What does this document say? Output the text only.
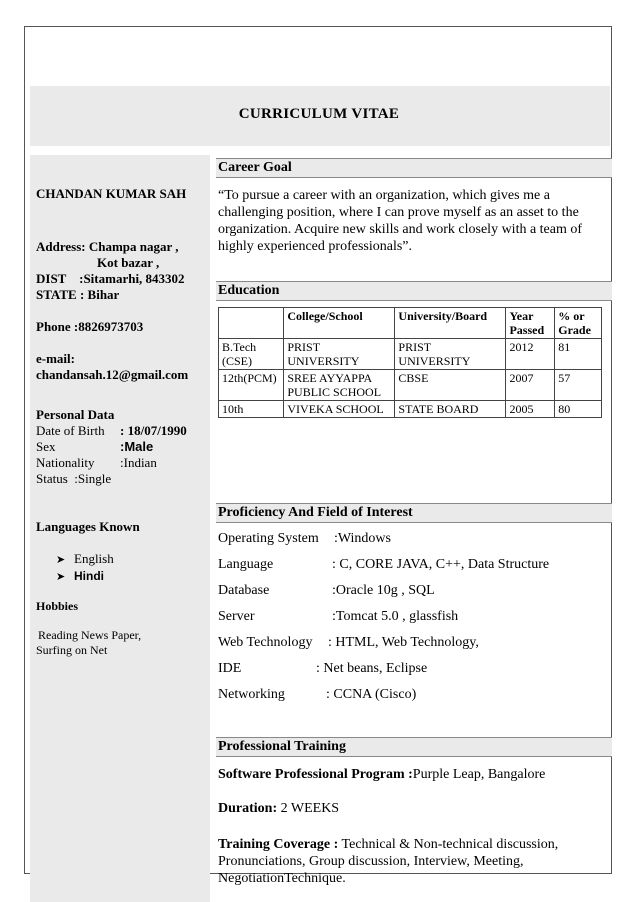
CURRICULUM VITAE
CHANDAN KUMAR SAH
Address: Champa nagar ,
Kot bazar ,
DIST    :Sitamarhi, 843302
STATE : Bihar
Phone :8826973703
e-mail:
chandansah.12@gmail.com
Personal Data
Date of Birth : 18/07/1990
Sex	:Male
Nationality :Indian
Status :Single
Languages Known
➤ English
➤ Hindi
Hobbies
Reading News Paper,
Surfing on Net
Career Goal
“To pursue a career with an organization, which gives me a challenging position, where I can prove myself as an asset to the organization. Acquire new skills and work closely with a team of highly experienced professionals”.
Education
	College/School	University/Board	Year Passed	% or Grade
B.Tech (CSE)	PRIST UNIVERSITY	PRIST UNIVERSITY	2012	81
12th(PCM)	SREE AYYAPPA PUBLIC SCHOOL	CBSE	2007	57
10th	VIVEKA SCHOOL	STATE BOARD	2005	80
Proficiency And Field of Interest
Operating System :Windows
Language	: C, CORE JAVA, C++, Data Structure
Database	:Oracle 10g , SQL
Server	:Tomcat 5.0 , glassfish
Web Technology : HTML, Web Technology,
IDE	: Net beans, Eclipse
Networking	: CCNA (Cisco)
Professional Training
Software Professional Program :Purple Leap, Bangalore
Duration: 2 WEEKS
Training Coverage : Technical & Non-technical discussion, Pronunciations, Group discussion, Interview, Meeting, NegotiationTechnique.
